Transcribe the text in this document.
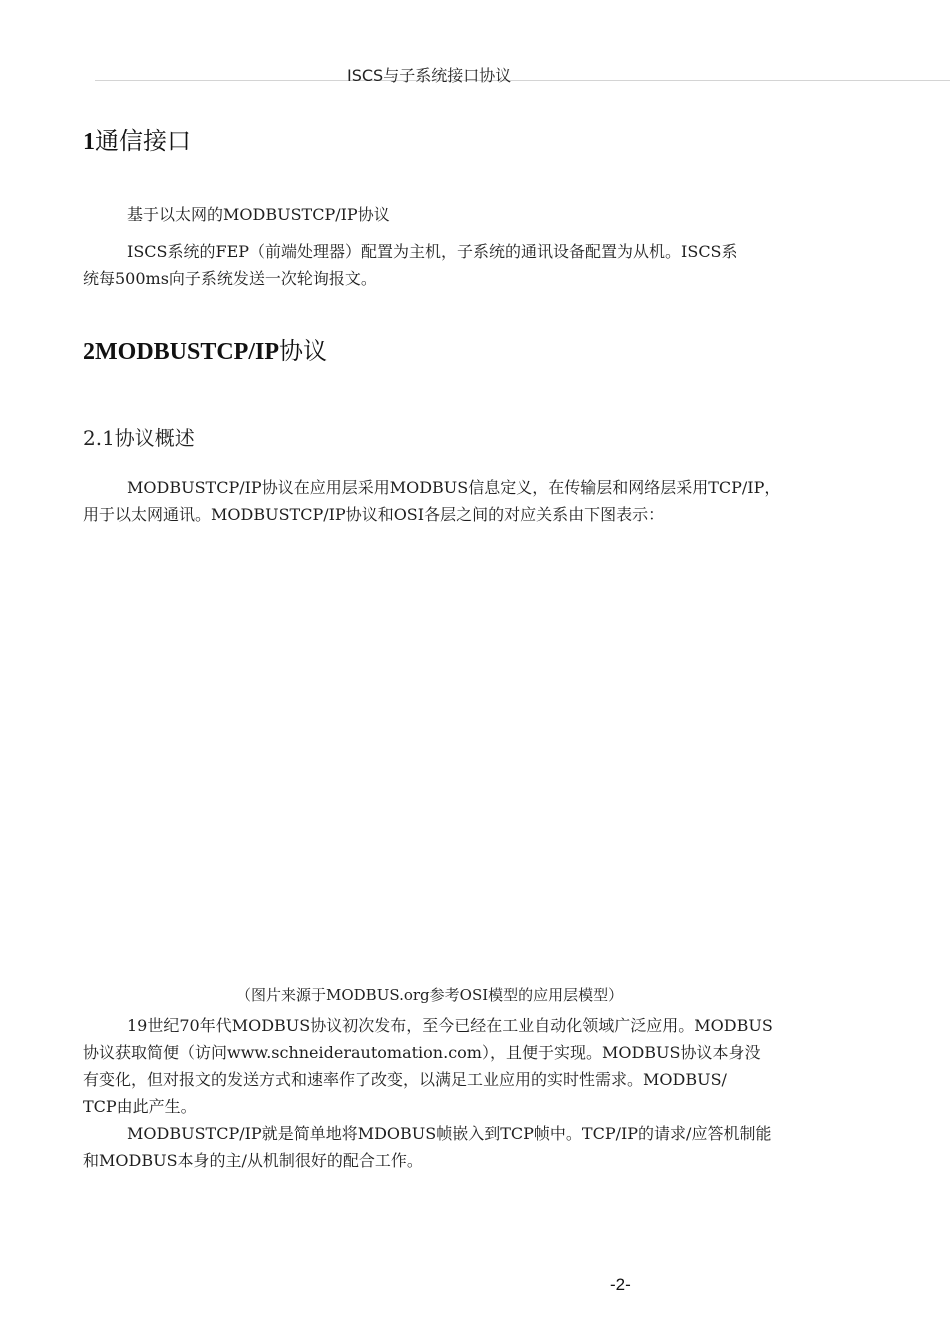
ISCS与子系统接口协议
1通信接口
基于以太网的MODBUSTCP/IP协议
ISCS系统的FEP（前端处理器）配置为主机，子系统的通讯设备配置为从机。ISCS系
统每500ms向子系统发送一次轮询报文。
2MODBUSTCP/IP协议
2.1协议概述
MODBUSTCP/IP协议在应用层采用MODBUS信息定义，在传输层和网络层采用TCP/IP，
用于以太网通讯。MODBUSTCP/IP协议和OSI各层之间的对应关系由下图表示：
（图片来源于MODBUS.org参考OSI模型的应用层模型）
19世纪70年代MODBUS协议初次发布，至今已经在工业自动化领域广泛应用。MODBUS
协议获取简便（访问www.schneiderautomation.com），且便于实现。MODBUS协议本身没
有变化，但对报文的发送方式和速率作了改变，以满足工业应用的实时性需求。MODBUS/
TCP由此产生。
MODBUSTCP/IP就是简单地将MDOBUS帧嵌入到TCP帧中。TCP/IP的请求/应答机制能
和MODBUS本身的主/从机制很好的配合工作。
-2-
